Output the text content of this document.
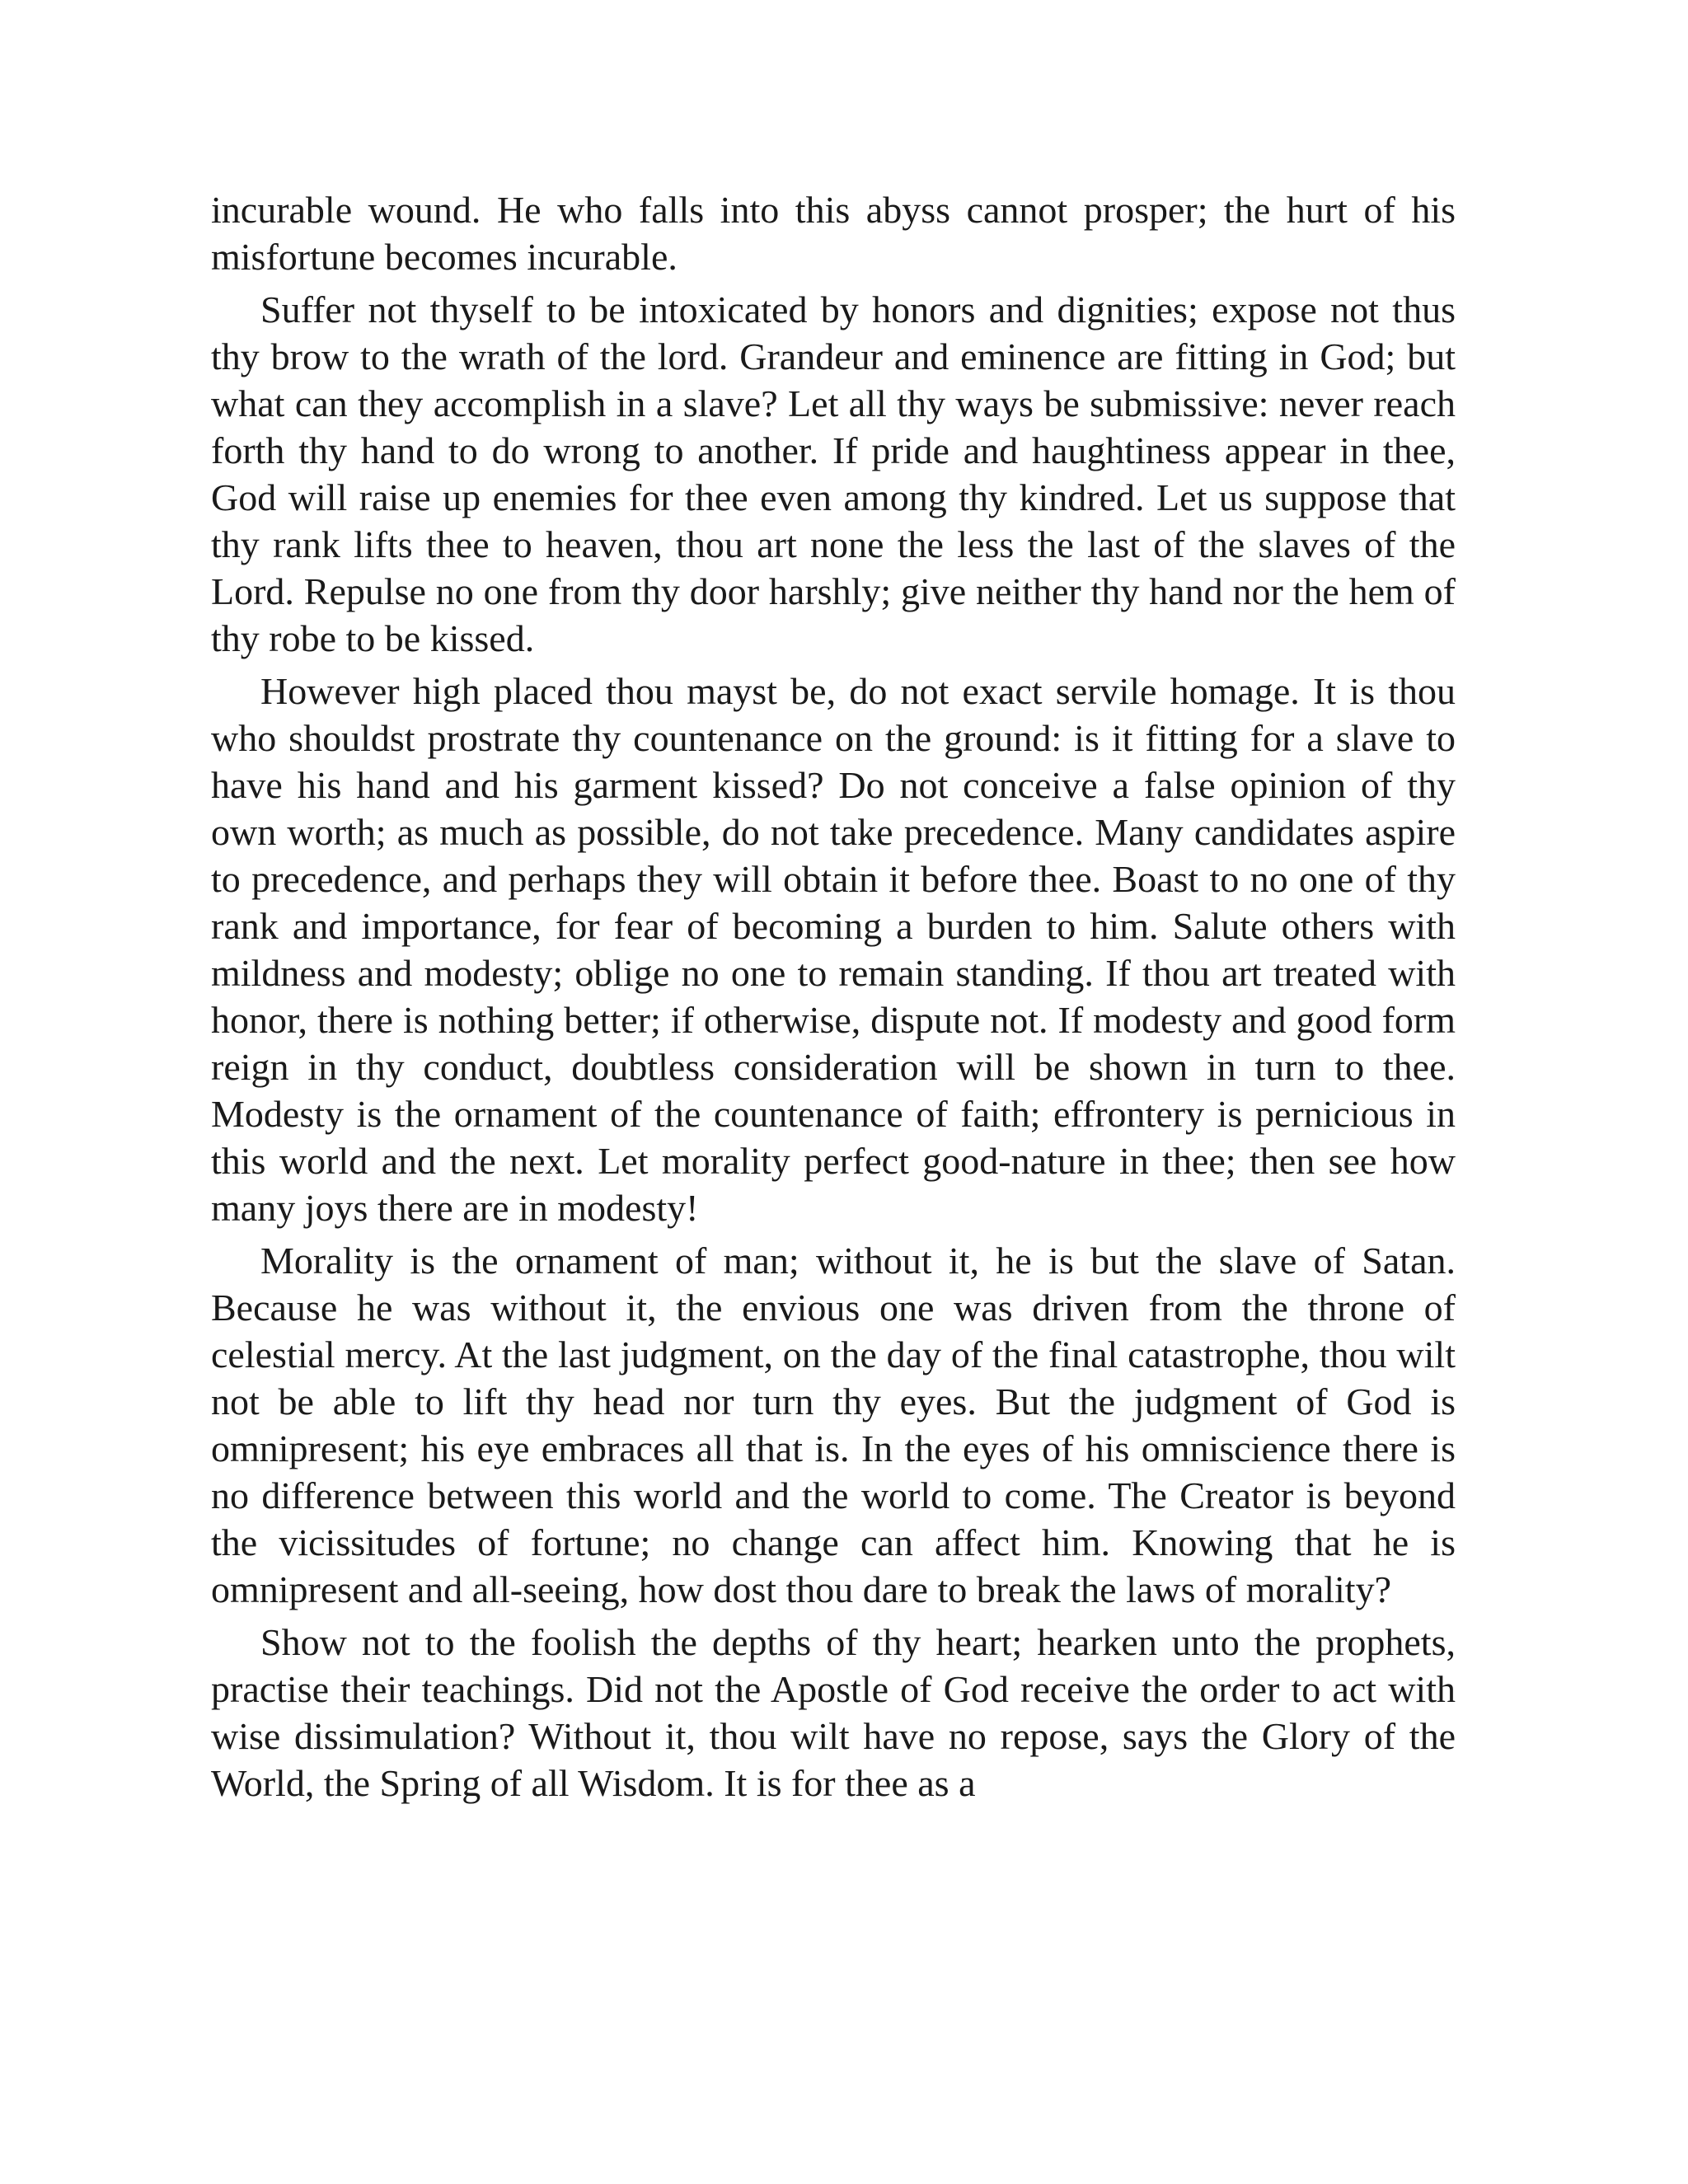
incurable wound. He who falls into this abyss cannot prosper; the hurt of his misfortune becomes incurable.

Suffer not thyself to be intoxicated by honors and dignities; expose not thus thy brow to the wrath of the lord. Grandeur and eminence are fitting in God; but what can they accomplish in a slave? Let all thy ways be submissive: never reach forth thy hand to do wrong to another. If pride and haughtiness appear in thee, God will raise up enemies for thee even among thy kindred. Let us suppose that thy rank lifts thee to heaven, thou art none the less the last of the slaves of the Lord. Repulse no one from thy door harshly; give neither thy hand nor the hem of thy robe to be kissed.

However high placed thou mayst be, do not exact servile homage. It is thou who shouldst prostrate thy countenance on the ground: is it fitting for a slave to have his hand and his garment kissed? Do not conceive a false opinion of thy own worth; as much as possible, do not take precedence. Many candidates aspire to precedence, and perhaps they will obtain it before thee. Boast to no one of thy rank and importance, for fear of becoming a burden to him. Salute others with mildness and modesty; oblige no one to remain standing. If thou art treated with honor, there is nothing better; if otherwise, dispute not. If modesty and good form reign in thy conduct, doubtless consideration will be shown in turn to thee. Modesty is the ornament of the countenance of faith; effrontery is pernicious in this world and the next. Let morality perfect good-nature in thee; then see how many joys there are in modesty!

Morality is the ornament of man; without it, he is but the slave of Satan. Because he was without it, the envious one was driven from the throne of celestial mercy. At the last judgment, on the day of the final catastrophe, thou wilt not be able to lift thy head nor turn thy eyes. But the judgment of God is omnipresent; his eye embraces all that is. In the eyes of his omniscience there is no difference between this world and the world to come. The Creator is beyond the vicissitudes of fortune; no change can affect him. Knowing that he is omnipresent and all-seeing, how dost thou dare to break the laws of morality?

Show not to the foolish the depths of thy heart; hearken unto the prophets, practise their teachings. Did not the Apostle of God receive the order to act with wise dissimulation? Without it, thou wilt have no repose, says the Glory of the World, the Spring of all Wisdom. It is for thee as a
